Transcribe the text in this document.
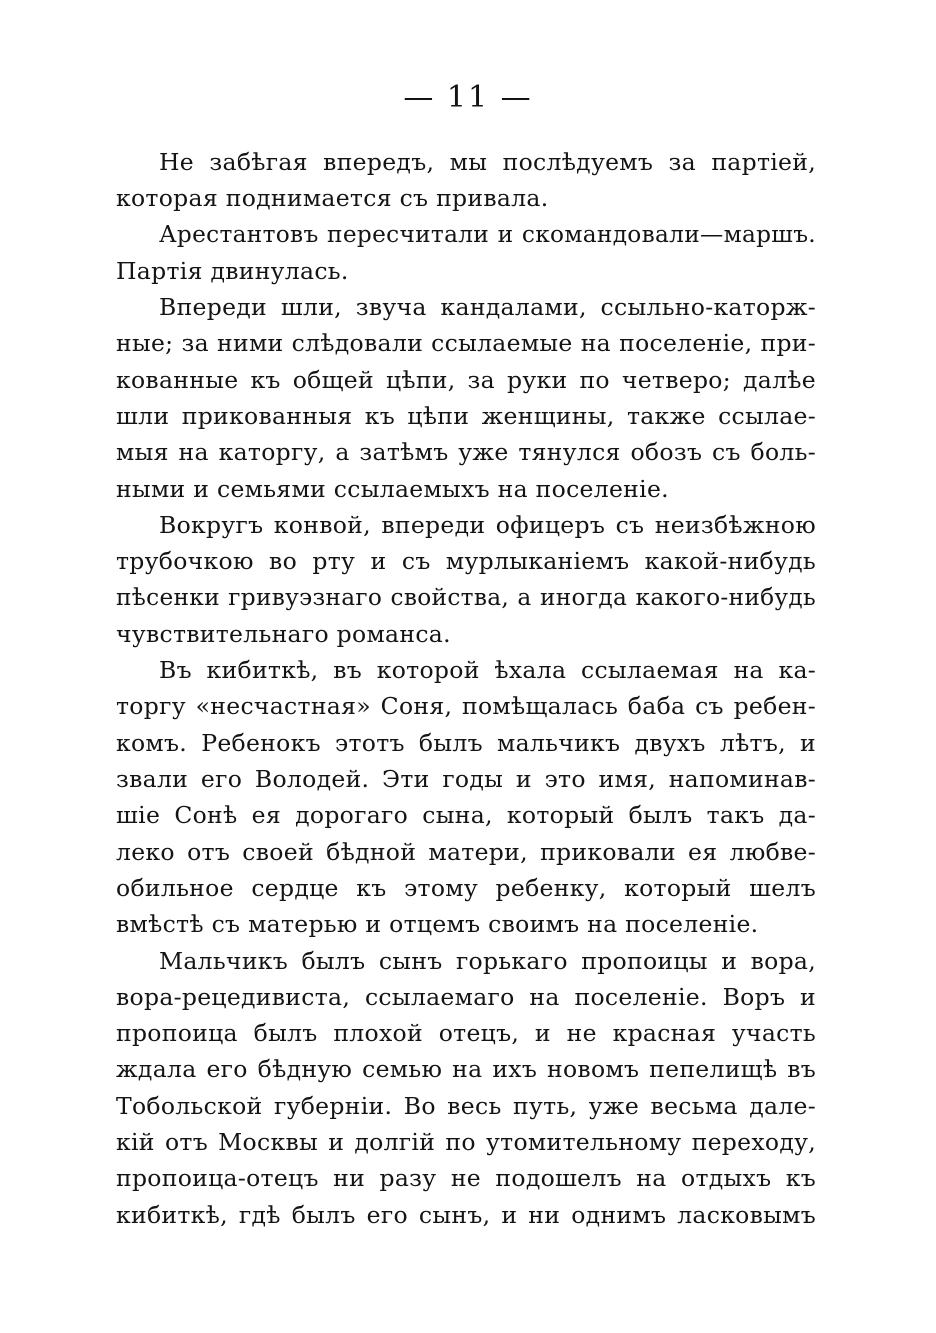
— 11 —
Не забѣгая впередъ, мы послѣдуемъ за партіей,
которая поднимается съ привала.
Арестантовъ пересчитали и скомандовали—маршъ.
Партія двинулась.
Впереди шли, звуча кандалами, ссыльно-каторж-
ные; за ними слѣдовали ссылаемые на поселеніе, при-
кованные къ общей цѣпи, за руки по четверо; далѣе
шли прикованныя къ цѣпи женщины, также ссылае-
мыя на каторгу, а затѣмъ уже тянулся обозъ съ боль-
ными и семьями ссылаемыхъ на поселеніе.
Вокругъ конвой, впереди офицеръ съ неизбѣжною
трубочкою во рту и съ мурлыканіемъ какой-нибудь
пѣсенки гривуэзнаго свойства, а иногда какого-нибудь
чувствительнаго романса.
Въ кибиткѣ, въ которой ѣхала ссылаемая на ка-
торгу «несчастная» Соня, помѣщалась баба съ ребен-
комъ. Ребенокъ этотъ былъ мальчикъ двухъ лѣтъ, и
звали его Володей. Эти годы и это имя, напоминав-
шіе Сонѣ ея дорогаго сына, который былъ такъ да-
леко отъ своей бѣдной матери, приковали ея любве-
обильное сердце къ этому ребенку, который шелъ
вмѣстѣ съ матерью и отцемъ своимъ на поселеніе.
Мальчикъ былъ сынъ горькаго пропоицы и вора,
вора-рецедивиста, ссылаемаго на поселеніе. Воръ и
пропоица былъ плохой отецъ, и не красная участь
ждала его бѣдную семью на ихъ новомъ пепелищѣ въ
Тобольской губерніи. Во весь путь, уже весьма дале-
кій отъ Москвы и долгій по утомительному переходу,
пропоица-отецъ ни разу не подошелъ на отдыхъ къ
кибиткѣ, гдѣ былъ его сынъ, и ни однимъ ласковымъ
